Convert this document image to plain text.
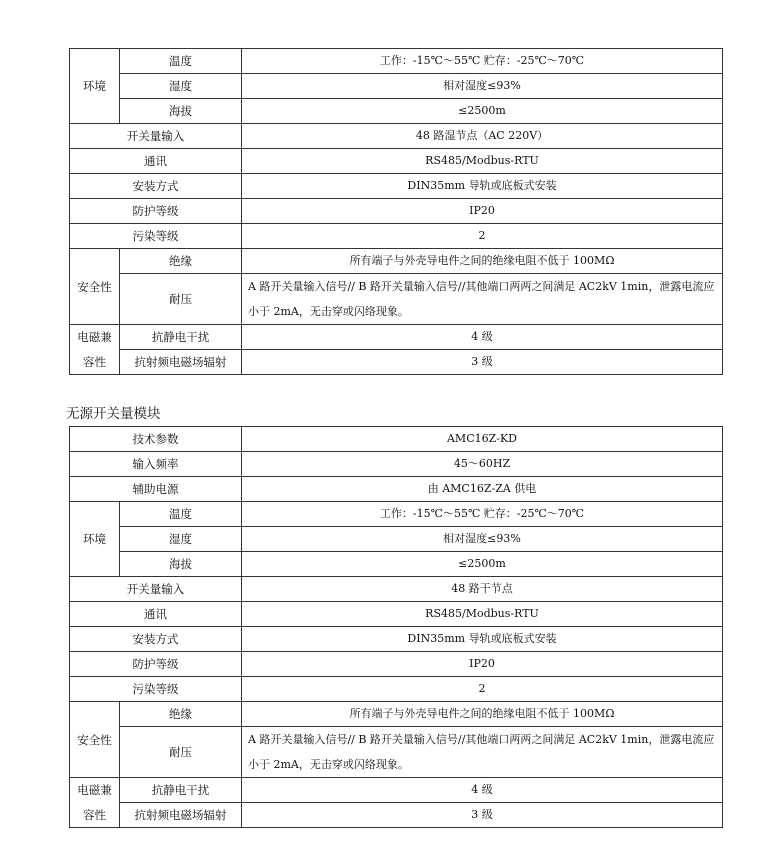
环境	温度	工作：-15℃～55℃ 贮存：-25℃～70℃
	湿度	相对湿度≤93%
	海拔	≤2500m
开关量输入		48 路湿节点（AC 220V）
通讯		RS485/Modbus-RTU
安装方式		DIN35mm 导轨或底板式安装
防护等级		IP20
污染等级		2
安全性	绝缘	所有端子与外壳导电件之间的绝缘电阻不低于 100MΩ
	耐压	A 路开关量输入信号// B 路开关量输入信号//其他端口两两之间满足 AC2kV 1min，泄露电流应小于 2mA，无击穿或闪络现象。
电磁兼	抗静电干扰	4 级
容性	抗射频电磁场辐射	3 级
无源开关量模块
技术参数		AMC16Z-KD
输入频率		45～60HZ
辅助电源		由 AMC16Z-ZA 供电
环境	温度	工作：-15℃～55℃ 贮存：-25℃～70℃
	湿度	相对湿度≤93%
	海拔	≤2500m
开关量输入		48 路干节点
通讯		RS485/Modbus-RTU
安装方式		DIN35mm 导轨或底板式安装
防护等级		IP20
污染等级		2
安全性	绝缘	所有端子与外壳导电件之间的绝缘电阻不低于 100MΩ
	耐压	A 路开关量输入信号// B 路开关量输入信号//其他端口两两之间满足 AC2kV 1min，泄露电流应小于 2mA，无击穿或闪络现象。
电磁兼	抗静电干扰	4 级
容性	抗射频电磁场辐射	3 级
